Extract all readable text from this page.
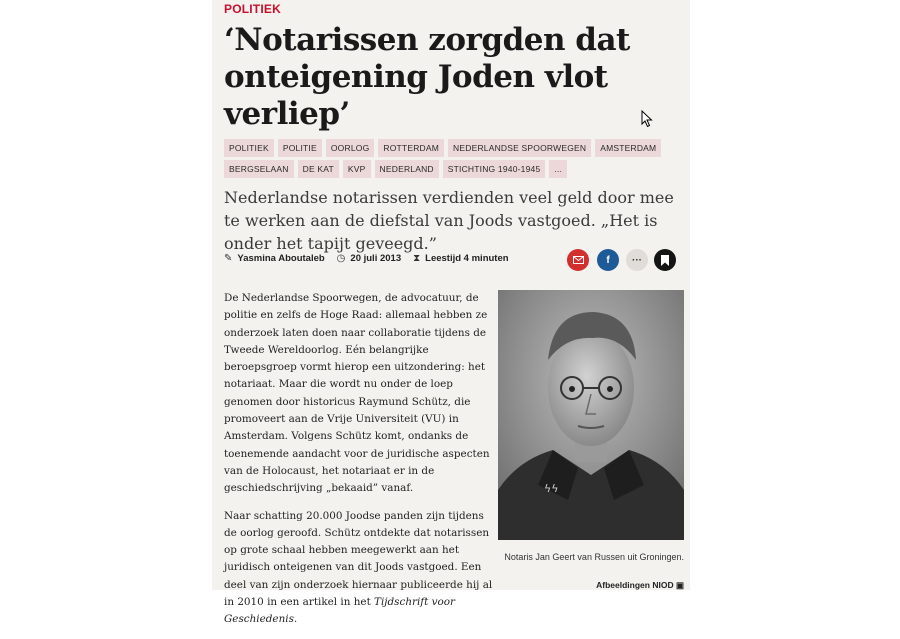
POLITIEK
‘Notarissen zorgden dat onteigening Joden vlot verliep’
POLITIEK	POLITIE	OORLOG	ROTTERDAM	NEDERLANDSE SPOORWEGEN	AMSTERDAM
BERGSELAAN	DE KAT	KVP	NEDERLAND	STICHTING 1940-1945	...

Nederlandse notarissen verdienden veel geld door mee te werken aan de diefstal van Joods vastgoed. „Het is onder het tapijt geveegd.”

✎ Yasmina Aboutaleb ◷ 20 juli 2013 ⧗ Leestijd 4 minuten	f ···

De Nederlandse Spoorwegen, de advocatuur, de politie en zelfs de Hoge Raad: allemaal hebben ze onderzoek laten doen naar collaboratie tijdens de Tweede Wereldoorlog. Eén belangrijke beroepsgroep vormt hierop een uitzondering: het notariaat. Maar die wordt nu onder de loep genomen door historicus Raymund Schütz, die promoveert aan de Vrije Universiteit (VU) in Amsterdam. Volgens Schütz komt, ondanks de toenemende aandacht voor de juridische aspecten van de Holocaust, het notariaat er in de geschiedschrijving „bekaaid” vanaf.

Naar schatting 20.000 Joodse panden zijn tijdens de oorlog geroofd. Schütz ontdekte dat notarissen op grote schaal hebben meegewerkt aan het juridisch onteigenen van dit Joods vastgoed. Een deel van zijn onderzoek hiernaar publiceerde hij al in 2010 in een artikel in het Tijdschrift voor Geschiedenis.

ϟϟ
Notaris Jan Geert van Russen uit Groningen.
Afbeeldingen NIOD ▣
